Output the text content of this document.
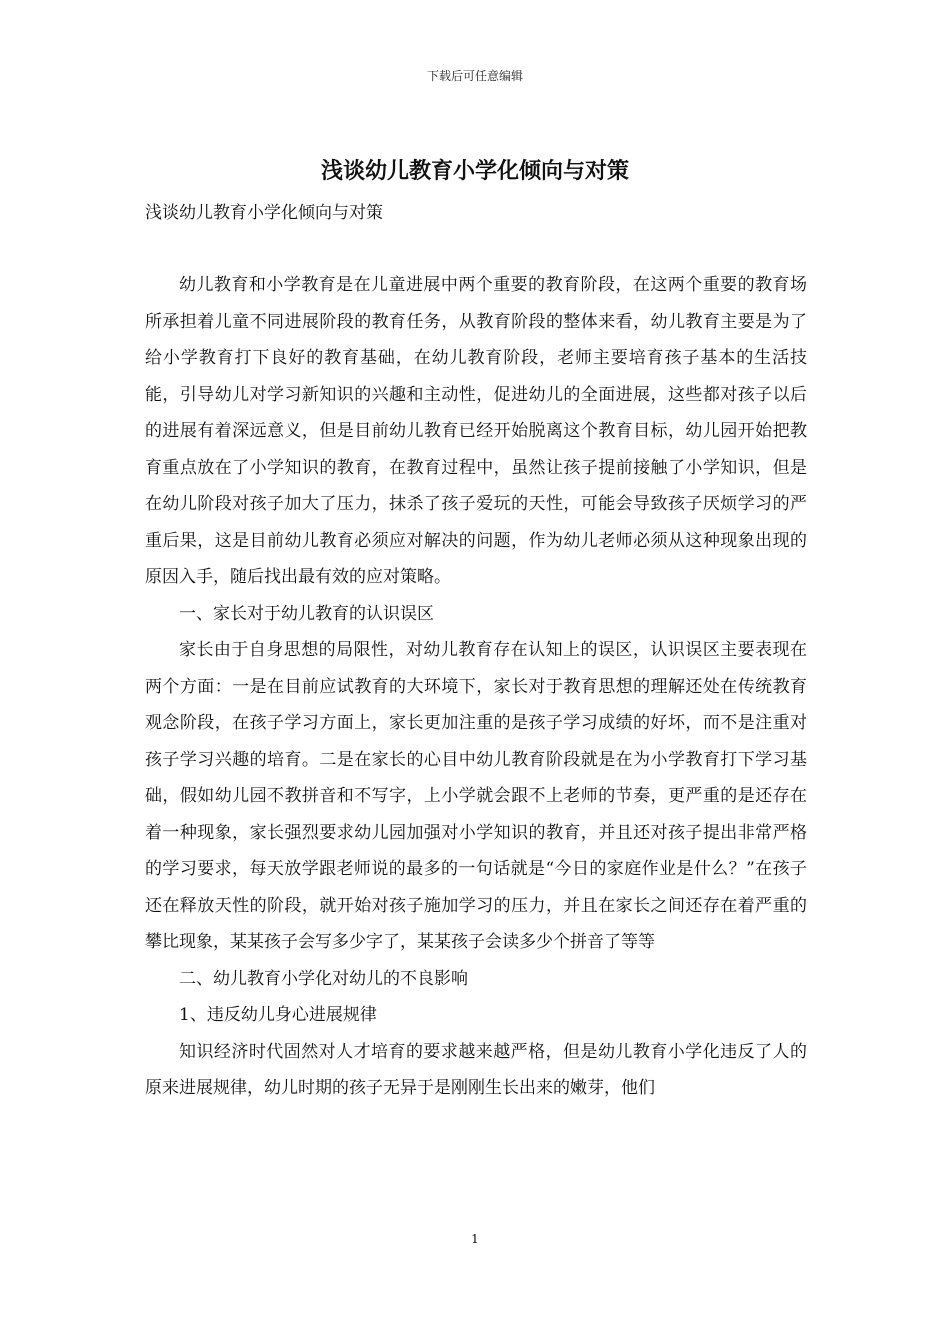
下载后可任意编辑
浅谈幼儿教育小学化倾向与对策
浅谈幼儿教育小学化倾向与对策

幼儿教育和小学教育是在儿童进展中两个重要的教育阶段，在这两个重要的教育场所承担着儿童不同进展阶段的教育任务，从教育阶段的整体来看，幼儿教育主要是为了给小学教育打下良好的教育基础，在幼儿教育阶段，老师主要培育孩子基本的生活技能，引导幼儿对学习新知识的兴趣和主动性，促进幼儿的全面进展，这些都对孩子以后的进展有着深远意义，但是目前幼儿教育已经开始脱离这个教育目标，幼儿园开始把教育重点放在了小学知识的教育，在教育过程中，虽然让孩子提前接触了小学知识，但是在幼儿阶段对孩子加大了压力，抹杀了孩子爱玩的天性，可能会导致孩子厌烦学习的严重后果，这是目前幼儿教育必须应对解决的问题，作为幼儿老师必须从这种现象出现的原因入手，随后找出最有效的应对策略。

一、家长对于幼儿教育的认识误区

家长由于自身思想的局限性，对幼儿教育存在认知上的误区，认识误区主要表现在两个方面：一是在目前应试教育的大环境下，家长对于教育思想的理解还处在传统教育观念阶段，在孩子学习方面上，家长更加注重的是孩子学习成绩的好坏，而不是注重对孩子学习兴趣的培育。二是在家长的心目中幼儿教育阶段就是在为小学教育打下学习基础，假如幼儿园不教拼音和不写字，上小学就会跟不上老师的节奏，更严重的是还存在着一种现象，家长强烈要求幼儿园加强对小学知识的教育，并且还对孩子提出非常严格的学习要求，每天放学跟老师说的最多的一句话就是“今日的家庭作业是什么？”在孩子还在释放天性的阶段，就开始对孩子施加学习的压力，并且在家长之间还存在着严重的攀比现象，某某孩子会写多少字了，某某孩子会读多少个拼音了等等

二、幼儿教育小学化对幼儿的不良影响

1、违反幼儿身心进展规律

知识经济时代固然对人才培育的要求越来越严格，但是幼儿教育小学化违反了人的原来进展规律，幼儿时期的孩子无异于是刚刚生长出来的嫩芽，他们

1
